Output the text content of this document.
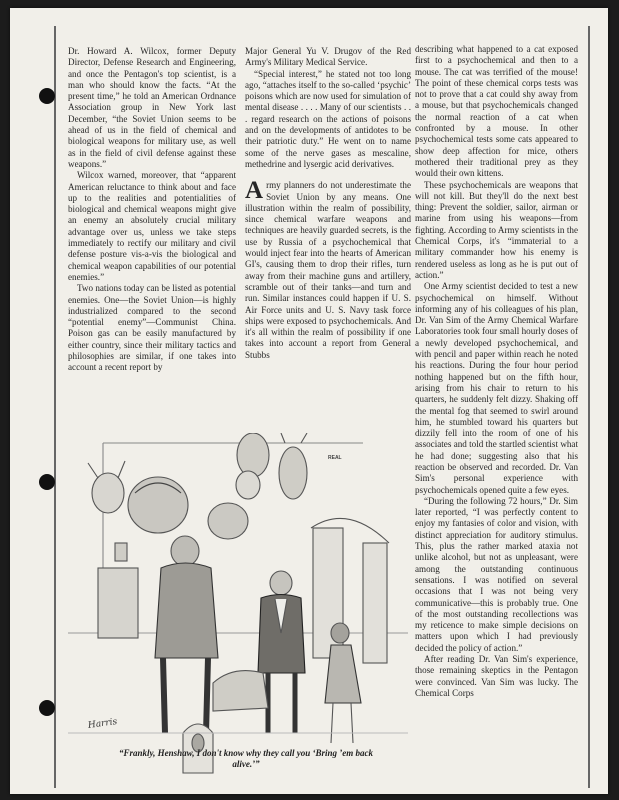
Dr. Howard A. Wilcox, former Deputy Director, Defense Research and Engineering, and once the Pentagon's top scientist, is a man who should know the facts. “At the present time,” he told an American Ordnance Association group in New York last December, “the Soviet Union seems to be ahead of us in the field of chemical and biological weapons for military use, as well as in the field of civil defense against these weapons.”

Wilcox warned, moreover, that “apparent American reluctance to think about and face up to the realities and potentialities of biological and chemical weapons might give an enemy an absolutely crucial military advantage over us, unless we take steps immediately to rectify our military and civil defense posture vis-a-vis the biological and chemical weapon capabilities of our potential enemies.”

Two nations today can be listed as potential enemies. One—the Soviet Union—is highly industrialized compared to the second “potential enemy”—Communist China. Poison gas can be easily manufactured by either country, since their military tactics and philosophies are similar, if one takes into account a recent report by

Major General Yu V. Drugov of the Red Army's Military Medical Service.

“Special interest,” he stated not too long ago, “attaches itself to the so-called ‘psychic’ poisons which are now used for simulation of mental disease . . . . Many of our scientists . . . regard research on the actions of poisons and on the developments of antidotes to be their patriotic duty.” He went on to name some of the nerve gases as mescaline, methedrine and lysergic acid derivatives.

Army planners do not underestimate the Soviet Union by any means. One illustration within the realm of possibility, since chemical warfare weapons and techniques are heavily guarded secrets, is the use by Russia of a psychochemical that would inject fear into the hearts of American GI's, causing them to drop their rifles, turn away from their machine guns and artillery, scramble out of their tanks—and turn and run. Similar instances could happen if U. S. Air Force units and U. S. Navy task force ships were exposed to psychochemicals. And it's all within the realm of possibility if one takes into account a report from General Stubbs

describing what happened to a cat exposed first to a psychochemical and then to a mouse. The cat was terrified of the mouse! The point of these chemical corps tests was not to prove that a cat could shy away from a mouse, but that psychochemicals changed the normal reaction of a cat when confronted by a mouse. In other psychochemical tests some cats appeared to show deep affection for mice, others mothered their traditional prey as they would their own kittens.

These psychochemicals are weapons that will not kill. But they'll do the next best thing: Prevent the soldier, sailor, airman or marine from using his weapons—from fighting. According to Army scientists in the Chemical Corps, it's “immaterial to a military commander how his enemy is rendered useless as long as he is put out of action.”

One Army scientist decided to test a new psychochemical on himself. Without informing any of his colleagues of his plan, Dr. Van Sim of the Army Chemical Warfare Laboratories took four small hourly doses of a newly developed psychochemical, and with pencil and paper within reach he noted his reactions. During the four hour period nothing happened but on the fifth hour, arising from his chair to return to his quarters, he suddenly felt dizzy. Shaking off the mental fog that seemed to swirl around him, he stumbled toward his quarters but dizzily fell into the room of one of his associates and told the startled scientist what he had done; suggesting also that his reaction be observed and recorded. Dr. Van Sim's personal experience with psychochemicals opened quite a few eyes.

“During the following 72 hours,” Dr. Sim later reported, “I was perfectly content to enjoy my fantasies of color and vision, with distinct appreciation for auditory stimulus. This, plus the rather marked ataxia not unlike alcohol, but not as unpleasant, were among the outstanding continuous sensations. I was notified on several occasions that I was not being very communicative—this is probably true. One of the most outstanding recollections was my reticence to make simple decisions on matters upon which I had previously decided the policy of action.”

After reading Dr. Van Sim's experience, those remaining skeptics in the Pentagon were convinced. Van Sim was lucky. The Chemical Corps

REAL
Harris
“Frankly, Henshaw, I don't know why they call you ‘Bring ’em back alive.’”
